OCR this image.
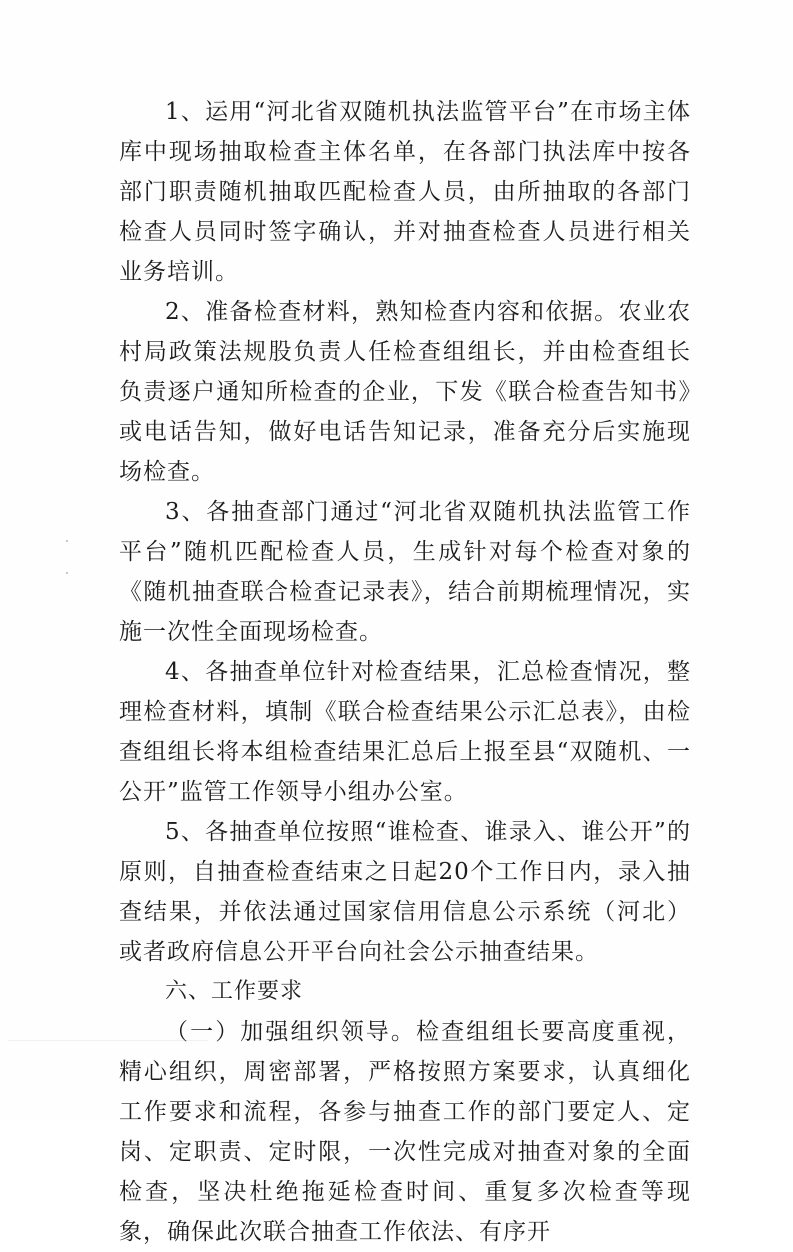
1、运用“河北省双随机执法监管平台”在市场主体库中现场抽取检查主体名单，在各部门执法库中按各部门职责随机抽取匹配检查人员，由所抽取的各部门检查人员同时签字确认，并对抽查检查人员进行相关业务培训。

2、准备检查材料，熟知检查内容和依据。农业农村局政策法规股负责人任检查组组长，并由检查组长负责逐户通知所检查的企业，下发《联合检查告知书》或电话告知，做好电话告知记录，准备充分后实施现场检查。

3、各抽查部门通过“河北省双随机执法监管工作平台”随机匹配检查人员，生成针对每个检查对象的《随机抽查联合检查记录表》，结合前期梳理情况，实施一次性全面现场检查。

4、各抽查单位针对检查结果，汇总检查情况，整理检查材料，填制《联合检查结果公示汇总表》，由检查组组长将本组检查结果汇总后上报至县“双随机、一公开”监管工作领导小组办公室。

5、各抽查单位按照“谁检查、谁录入、谁公开”的原则，自抽查检查结束之日起20个工作日内，录入抽查结果，并依法通过国家信用信息公示系统（河北）或者政府信息公开平台向社会公示抽查结果。

六、工作要求

（一）加强组织领导。检查组组长要高度重视，精心组织，周密部署，严格按照方案要求，认真细化工作要求和流程，各参与抽查工作的部门要定人、定岗、定职责、定时限，一次性完成对抽查对象的全面检查，坚决杜绝拖延检查时间、重复多次检查等现象，确保此次联合抽查工作依法、有序开
